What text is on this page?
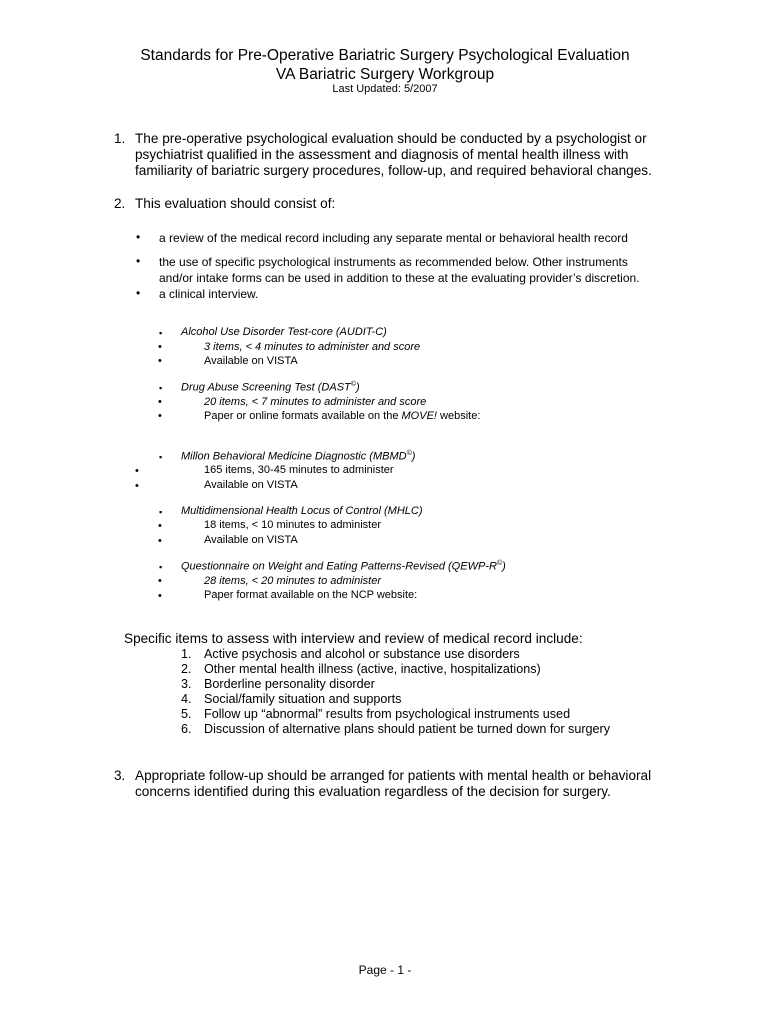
Standards for Pre-Operative Bariatric Surgery Psychological Evaluation
VA Bariatric Surgery Workgroup
Last Updated: 5/2007
1. The pre-operative psychological evaluation should be conducted by a psychologist or
psychiatrist qualified in the assessment and diagnosis of mental health illness with
familiarity of bariatric surgery procedures, follow-up, and required behavioral changes.
2. This evaluation should consist of:
• a review of the medical record including any separate mental or behavioral health record
• the use of specific psychological instruments as recommended below. Other instruments
and/or intake forms can be used in addition to these at the evaluating provider’s discretion.
• a clinical interview.
▪ Alcohol Use Disorder Test-core (AUDIT-C)
•	3 items, < 4 minutes to administer and score
•	Available on VISTA
▪ Drug Abuse Screening Test (DAST©)
•	20 items, < 7 minutes to administer and score
•	Paper or online formats available on the MOVE! website:
▪ Millon Behavioral Medicine Diagnostic (MBMD©)
•	165 items, 30-45 minutes to administer
•	Available on VISTA
▪ Multidimensional Health Locus of Control (MHLC)
•	18 items, < 10 minutes to administer
•	Available on VISTA
▪ Questionnaire on Weight and Eating Patterns-Revised (QEWP-R©)
•	28 items, < 20 minutes to administer
•	Paper format available on the NCP website:
Specific items to assess with interview and review of medical record include:
1. Active psychosis and alcohol or substance use disorders
2. Other mental health illness (active, inactive, hospitalizations)
3. Borderline personality disorder
4. Social/family situation and supports
5. Follow up “abnormal” results from psychological instruments used
6. Discussion of alternative plans should patient be turned down for surgery
3. Appropriate follow-up should be arranged for patients with mental health or behavioral
concerns identified during this evaluation regardless of the decision for surgery.
Page - 1 -
